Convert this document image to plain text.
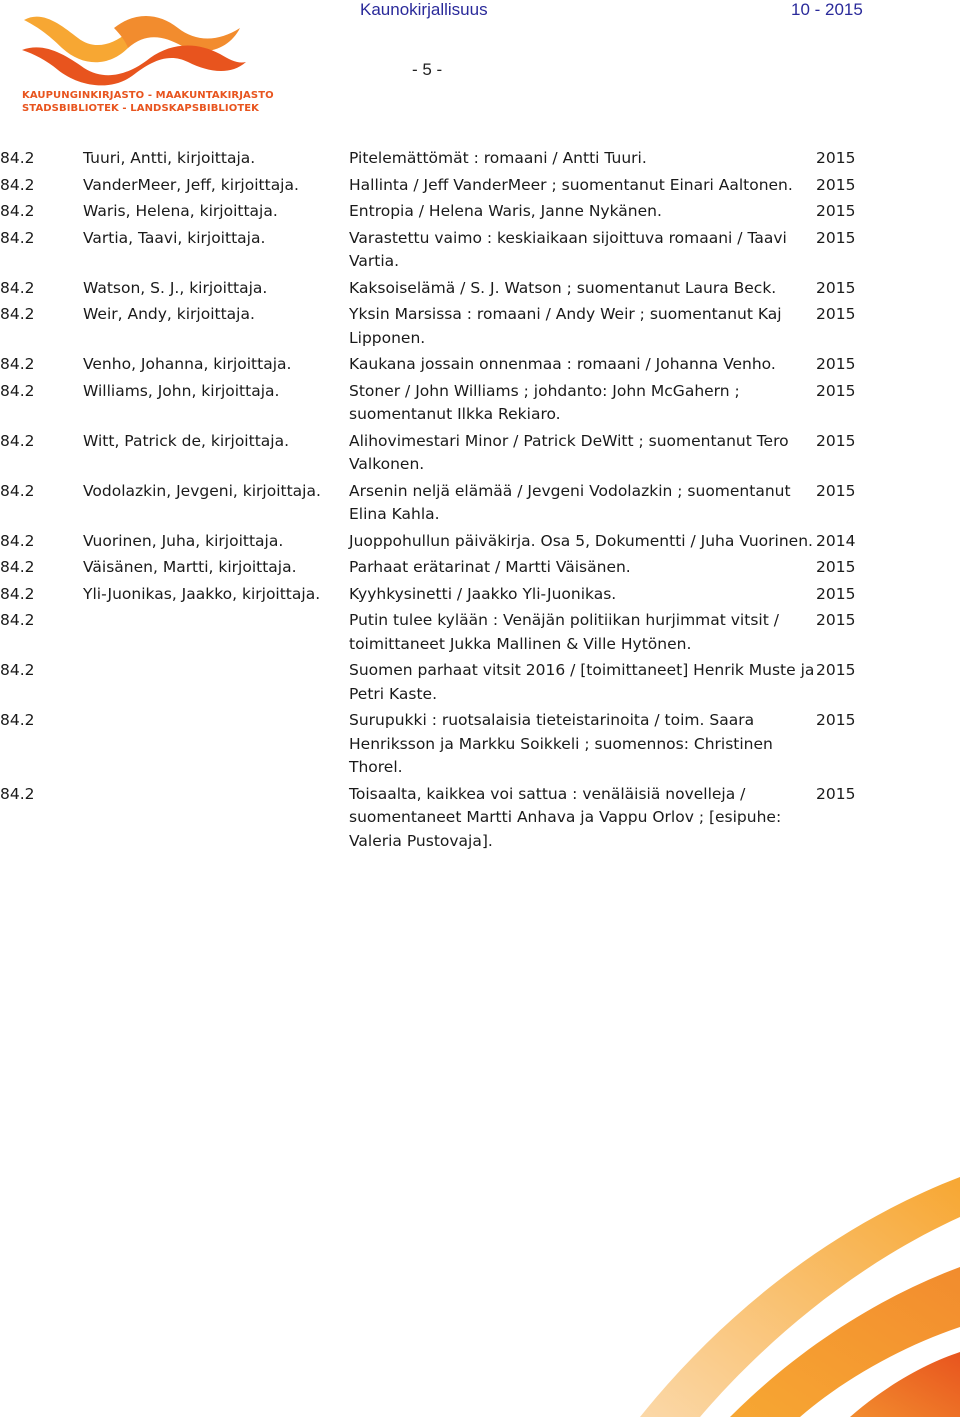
KAUPUNGINKIRJASTO - MAAKUNTAKIRJASTO
STADSBIBLIOTEK - LANDSKAPSBIBLIOTEK
Kaunokirjallisuus	10 - 2015
- 5 -
84.2	Tuuri, Antti, kirjoittaja.	Pitelemättömät : romaani / Antti Tuuri.	2015
84.2	VanderMeer, Jeff, kirjoittaja.	Hallinta / Jeff VanderMeer ; suomentanut Einari Aaltonen.	2015
84.2	Waris, Helena, kirjoittaja.	Entropia / Helena Waris, Janne Nykänen.	2015
84.2	Vartia, Taavi, kirjoittaja.	Varastettu vaimo : keskiaikaan sijoittuva romaani / Taavi Vartia.	2015
84.2	Watson, S. J., kirjoittaja.	Kaksoiselämä / S. J. Watson ; suomentanut Laura Beck.	2015
84.2	Weir, Andy, kirjoittaja.	Yksin Marsissa : romaani / Andy Weir ; suomentanut Kaj Lipponen.	2015
84.2	Venho, Johanna, kirjoittaja.	Kaukana jossain onnenmaa : romaani / Johanna Venho.	2015
84.2	Williams, John, kirjoittaja.	Stoner / John Williams ; johdanto: John McGahern ; suomentanut Ilkka Rekiaro.	2015
84.2	Witt, Patrick de, kirjoittaja.	Alihovimestari Minor / Patrick DeWitt ; suomentanut Tero Valkonen.	2015
84.2	Vodolazkin, Jevgeni, kirjoittaja.	Arsenin neljä elämää / Jevgeni Vodolazkin ; suomentanut Elina Kahla.	2015
84.2	Vuorinen, Juha, kirjoittaja.	Juoppohullun päiväkirja. Osa 5, Dokumentti / Juha Vuorinen.	2014
84.2	Väisänen, Martti, kirjoittaja.	Parhaat erätarinat / Martti Väisänen.	2015
84.2	Yli-Juonikas, Jaakko, kirjoittaja.	Kyyhkysinetti / Jaakko Yli-Juonikas.	2015
84.2		Putin tulee kylään : Venäjän politiikan hurjimmat vitsit / toimittaneet Jukka Mallinen & Ville Hytönen.	2015
84.2		Suomen parhaat vitsit 2016 / [toimittaneet] Henrik Muste ja Petri Kaste.	2015
84.2		Surupukki : ruotsalaisia tieteistarinoita / toim. Saara Henriksson ja Markku Soikkeli ; suomennos: Christinen Thorel.	2015
84.2		Toisaalta, kaikkea voi sattua : venäläisiä novelleja / suomentaneet Martti Anhava ja Vappu Orlov ; [esipuhe: Valeria Pustovaja].	2015
